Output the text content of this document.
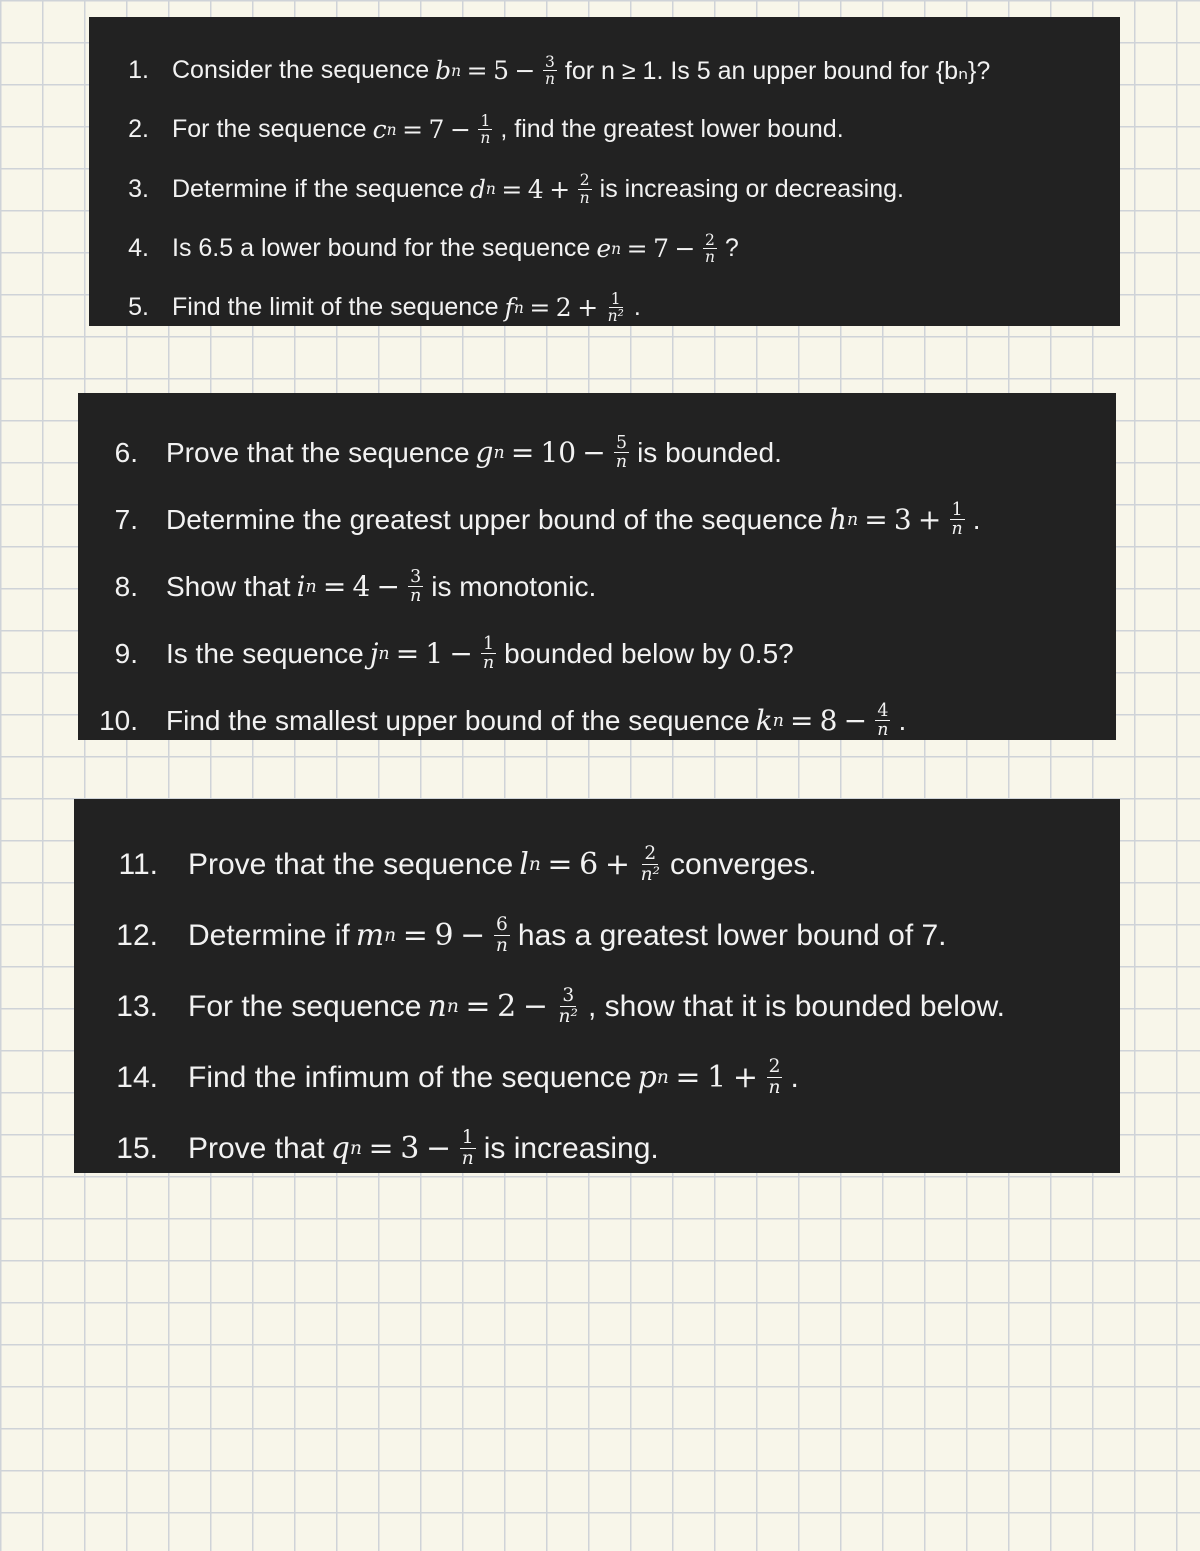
1. Consider the sequence b $n = 5 - \frac{3}{n}$ for n ≥ 1. Is 5 an upper bound for {bₙ}?
2. For the sequence c $n = 7 - \frac{1}{n}$ , find the greatest lower bound.
3. Determine if the sequence d $n = 4 + \frac{2}{n}$ is increasing or decreasing.
4. Is 6.5 a lower bound for the sequence e $n = 7 - \frac{2}{n}$ ?
5. Find the limit of the sequence f $n = 2 + \frac{1}{\text{n²}}$ .
6. Prove that the sequence g $n = 10 - \frac{5}{n}$ is bounded.
7. Determine the greatest upper bound of the sequence h $n = 3 + \frac{1}{n}$ .
8. Show that i $n = 4 - \frac{3}{n}$ is monotonic.
9. Is the sequence j $n = 1 - \frac{1}{n}$ bounded below by 0.5?
10. Find the smallest upper bound of the sequence k $n = 8 - \frac{4}{n}$ .
11. Prove that the sequence l $n = 6 + \frac{2}{\text{n²}}$ converges.
12. Determine if m $n = 9 - \frac{6}{n}$ has a greatest lower bound of 7.
13. For the sequence n $n = 2 - \frac{3}{\text{n²}}$ , show that it is bounded below.
14. Find the infimum of the sequence p $n = 1 + \frac{2}{n}$ .
15. Prove that q $n = 3 - \frac{1}{n}$ is increasing.
